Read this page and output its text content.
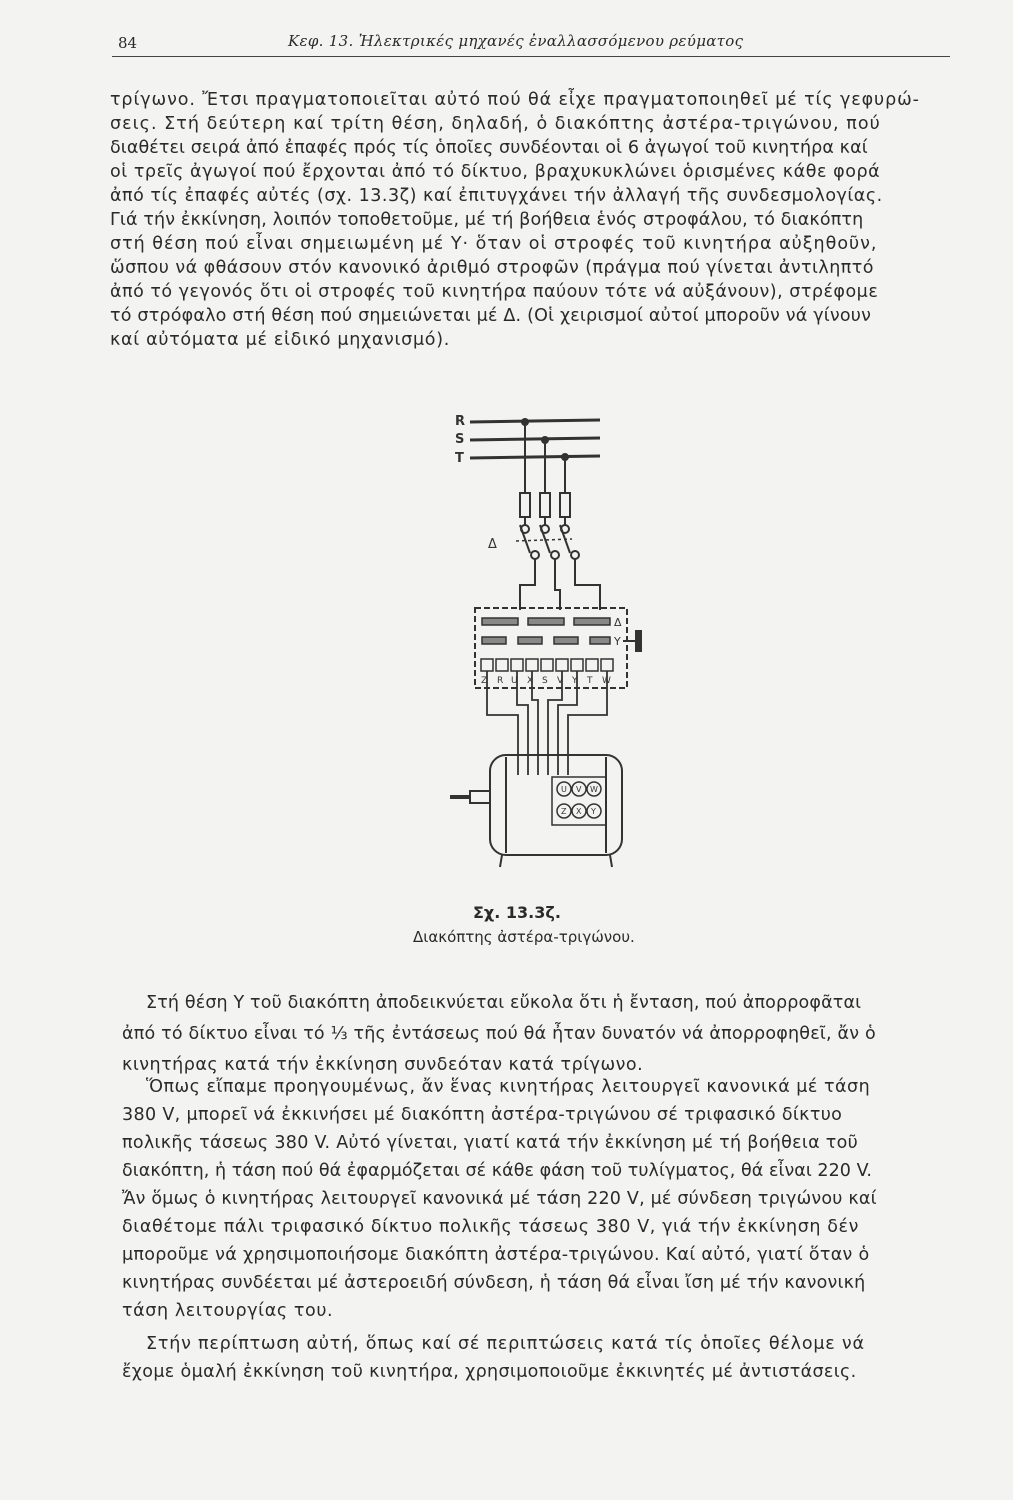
84	Κεφ. 13. Ἠλεκτρικές μηχανές ἐναλλασσόμενου ρεύματος
τρίγωνο. Ἔτσι πραγματοποιεῖται αὐτό πού θά εἶχε πραγματοποιηθεῖ μέ τίς γεφυρώ-
σεις. Στή δεύτερη καί τρίτη θέση, δηλαδή, ὁ διακόπτης ἀστέρα-τριγώνου, πού
διαθέτει σειρά ἀπό ἐπαφές πρός τίς ὁποῖες συνδέονται οἱ 6 ἀγωγοί τοῦ κινητήρα καί
οἱ τρεῖς ἀγωγοί πού ἔρχονται ἀπό τό δίκτυο, βραχυκυκλώνει ὁρισμένες κάθε φορά
ἀπό τίς ἐπαφές αὐτές (σχ. 13.3ζ) καί ἐπιτυγχάνει τήν ἀλλαγή τῆς συνδεσμολογίας.
Γιά τήν ἐκκίνηση, λοιπόν τοποθετοῦμε, μέ τή βοήθεια ἑνός στροφάλου, τό διακόπτη
στή θέση πού εἶναι σημειωμένη μέ Υ· ὅταν οἱ στροφές τοῦ κινητήρα αὐξηθοῦν,
ὥσπου νά φθάσουν στόν κανονικό ἀριθμό στροφῶν (πράγμα πού γίνεται ἀντιληπτό
ἀπό τό γεγονός ὅτι οἱ στροφές τοῦ κινητήρα παύουν τότε νά αὐξάνουν), στρέφομε
τό στρόφαλο στή θέση πού σημειώνεται μέ Δ. (Οἱ χειρισμοί αὐτοί μποροῦν νά γίνουν
καί αὐτόματα μέ εἰδικό μηχανισμό).
R
S
T
Δ
Δ
Υ
Z R U X S V Y T W
U V W
Z X Y
Σχ. 13.3ζ.
Διακόπτης ἀστέρα-τριγώνου.
Στή θέση Υ τοῦ διακόπτη ἀποδεικνύεται εὔκολα ὅτι ἡ ἔνταση, πού ἀπορροφᾶται
ἀπό τό δίκτυο εἶναι τό ⅓ τῆς ἐντάσεως πού θά ἦταν δυνατόν νά ἀπορροφηθεῖ, ἄν ὁ
κινητήρας κατά τήν ἐκκίνηση συνδεόταν κατά τρίγωνο.
Ὅπως εἴπαμε προηγουμένως, ἄν ἕνας κινητήρας λειτουργεῖ κανονικά μέ τάση
380 V, μπορεῖ νά ἐκκινήσει μέ διακόπτη ἀστέρα-τριγώνου σέ τριφασικό δίκτυο
πολικῆς τάσεως 380 V. Αὐτό γίνεται, γιατί κατά τήν ἐκκίνηση μέ τή βοήθεια τοῦ
διακόπτη, ἡ τάση πού θά ἐφαρμόζεται σέ κάθε φάση τοῦ τυλίγματος, θά εἶναι 220 V.
Ἄν ὅμως ὁ κινητήρας λειτουργεῖ κανονικά μέ τάση 220 V, μέ σύνδεση τριγώνου καί
διαθέτομε πάλι τριφασικό δίκτυο πολικῆς τάσεως 380 V, γιά τήν ἐκκίνηση δέν
μποροῦμε νά χρησιμοποιήσομε διακόπτη ἀστέρα-τριγώνου. Καί αὐτό, γιατί ὅταν ὁ
κινητήρας συνδέεται μέ ἀστεροειδή σύνδεση, ἡ τάση θά εἶναι ἴση μέ τήν κανονική
τάση λειτουργίας του.
Στήν περίπτωση αὐτή, ὅπως καί σέ περιπτώσεις κατά τίς ὁποῖες θέλομε νά
ἔχομε ὁμαλή ἐκκίνηση τοῦ κινητήρα, χρησιμοποιοῦμε ἐκκινητές μέ ἀντιστάσεις.
